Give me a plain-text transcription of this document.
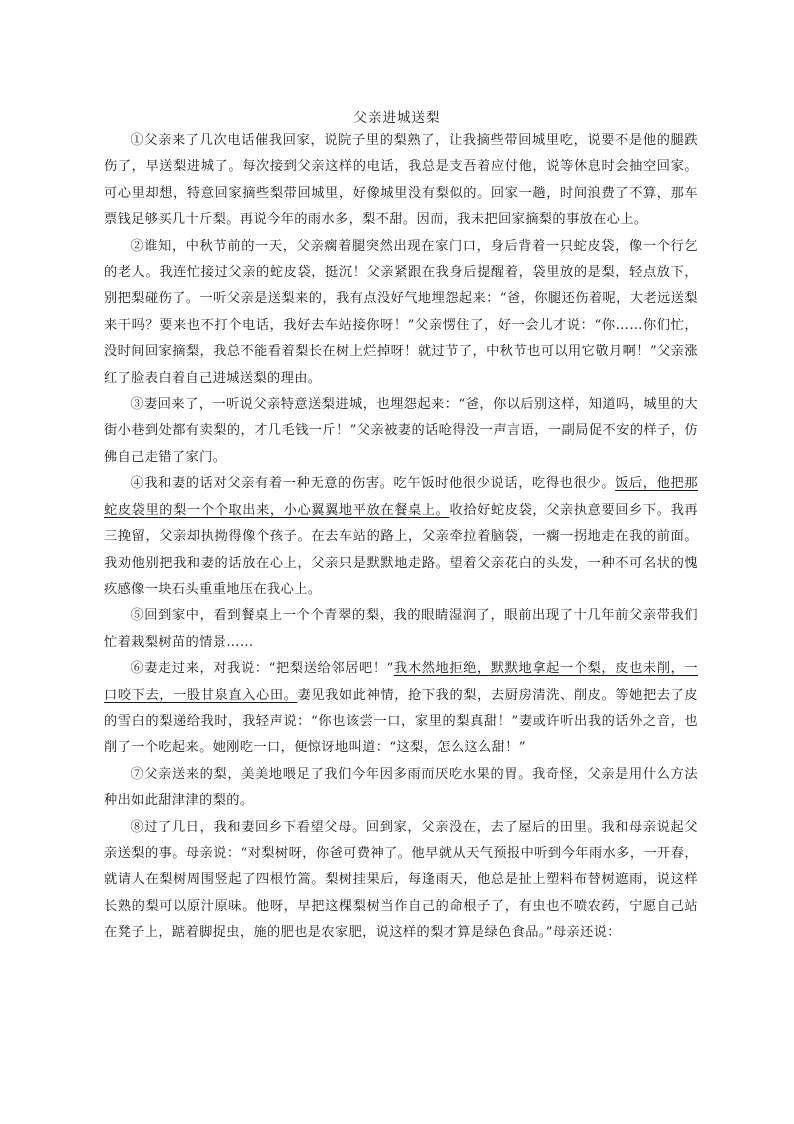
父亲进城送梨

①父亲来了几次电话催我回家，说院子里的梨熟了，让我摘些带回城里吃，说要不是他的腿跌伤了，早送梨进城了。每次接到父亲这样的电话，我总是支吾着应付他，说等休息时会抽空回家。可心里却想，特意回家摘些梨带回城里，好像城里没有梨似的。回家一趟，时间浪费了不算，那车票钱足够买几十斤梨。再说今年的雨水多，梨不甜。因而，我未把回家摘梨的事放在心上。

②谁知，中秋节前的一天，父亲瘸着腿突然出现在家门口，身后背着一只蛇皮袋，像一个行乞的老人。我连忙接过父亲的蛇皮袋，挺沉！父亲紧跟在我身后提醒着，袋里放的是梨，轻点放下，别把梨碰伤了。一听父亲是送梨来的，我有点没好气地埋怨起来：“爸，你腿还伤着呢，大老远送梨来干吗？要来也不打个电话，我好去车站接你呀！”父亲愣住了，好一会儿才说：“你……你们忙，没时间回家摘梨，我总不能看着梨长在树上烂掉呀！就过节了，中秋节也可以用它敬月啊！”父亲涨红了脸表白着自己进城送梨的理由。

③妻回来了，一听说父亲特意送梨进城，也埋怨起来：“爸，你以后别这样，知道吗，城里的大街小巷到处都有卖梨的，才几毛钱一斤！”父亲被妻的话呛得没一声言语，一副局促不安的样子，仿佛自己走错了家门。

④我和妻的话对父亲有着一种无意的伤害。吃午饭时他很少说话，吃得也很少。饭后，他把那蛇皮袋里的梨一个个取出来，小心翼翼地平放在餐桌上。收拾好蛇皮袋，父亲执意要回乡下。我再三挽留，父亲却执拗得像个孩子。在去车站的路上，父亲牵拉着脑袋，一瘸一拐地走在我的前面。我劝他别把我和妻的话放在心上，父亲只是默默地走路。望着父亲花白的头发，一种不可名状的愧疚感像一块石头重重地压在我心上。

⑤回到家中，看到餐桌上一个个青翠的梨，我的眼睛湿润了，眼前出现了十几年前父亲带我们忙着栽梨树苗的情景……

⑥妻走过来，对我说：“把梨送给邻居吧！”我木然地拒绝，默默地拿起一个梨，皮也未削，一口咬下去，一股甘泉直入心田。妻见我如此神情，抢下我的梨，去厨房清洗、削皮。等她把去了皮的雪白的梨递给我时，我轻声说：“你也该尝一口，家里的梨真甜！”妻或许听出我的话外之音，也削了一个吃起来。她刚吃一口，便惊讶地叫道：“这梨，怎么这么甜！”

⑦父亲送来的梨，美美地喂足了我们今年因多雨而厌吃水果的胃。我奇怪，父亲是用什么方法种出如此甜津津的梨的。

⑧过了几日，我和妻回乡下看望父母。回到家，父亲没在，去了屋后的田里。我和母亲说起父亲送梨的事。母亲说：“对梨树呀，你爸可费神了。他早就从天气预报中听到今年雨水多，一开春，就请人在梨树周围竖起了四根竹篙。梨树挂果后，每逢雨天，他总是扯上塑料布替树遮雨，说这样长熟的梨可以原汁原味。他呀，早把这棵梨树当作自己的命根子了，有虫也不喷农药，宁愿自己站在凳子上，踮着脚捉虫，施的肥也是农家肥，说这样的梨才算是绿色食品。”母亲还说：
